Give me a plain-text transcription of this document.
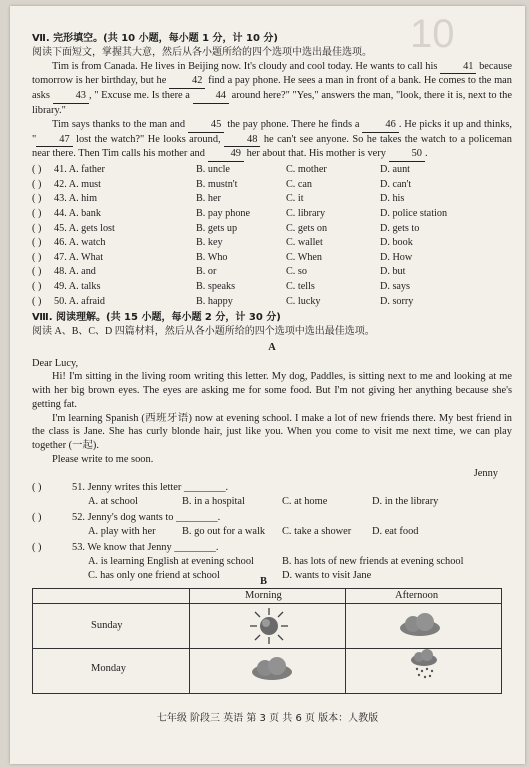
10
Ⅶ. 完形填空。(共 10 小题，每小题 1 分，计 10 分)
阅读下面短文，掌握其大意，然后从各小题所给的四个选项中选出最佳选项。

Tim is from Canada. He lives in Beijing now. It's cloudy and cool today. He wants to call his 41 because tomorrow is her birthday, but he 42 find a pay phone. He sees a man in front of a bank. He comes to the man asks 43 , " Excuse me. Is there a 44 around here?" "Yes," answers the man, "look, there it is, next to the library."

Tim says thanks to the man and 45 the pay phone. There he finds a 46 . He picks it up and thinks, " 47 lost the watch?" He looks around,	48 he can't see anyone. So he takes the watch to a policeman near there. Then Tim calls his mother and 49 her about that. His mother is very 50 .

( ) 41. A. father	B. uncle	C. mother	D. aunt
( ) 42. A. must	B. mustn't	C. can	D. can't
( ) 43. A. him	B. her	C. it	D. his
( ) 44. A. bank	B. pay phone	C. library	D. police station
( ) 45. A. gets lost	B. gets up	C. gets on	D. gets to
( ) 46. A. watch	B. key	C. wallet	D. book
( ) 47. A. What	B. Who	C. When	D. How
( ) 48. A. and	B. or	C. so	D. but
( ) 49. A. talks	B. speaks	C. tells	D. says
( ) 50. A. afraid	B. happy	C. lucky	D. sorry
Ⅷ. 阅读理解。(共 15 小题，每小题 2 分，计 30 分)
阅读 A、B、C、D 四篇材料，然后从各小题所给的四个选项中选出最佳选项。
A
Dear Lucy,

Hi! I'm sitting in the living room writing this letter. My dog, Paddles, is sitting next to me and looking at me with her big brown eyes. The eyes are asking me for some food. But I'm not giving her anything because she's getting fat.

I'm learning Spanish (西班牙语) now at evening school. I make a lot of new friends there. My best friend in the class is Jane. She has curly blonde hair, just like you. When you come to visit me next time, we can play together (一起).

Please write to me soon.

Jenny
( )	51. Jenny writes this letter ________.
A. at school	B. in a hospital	C. at home	D. in the library
( )	52. Jenny's dog wants to ________.
A. play with her	B. go out for a walk C. take a shower D. eat food
( )	53. We know that Jenny ________.
A. is learning English at evening school	B. has lots of new friends at evening school
C. has only one friend at school	D. wants to visit Jane
B
Morning	Afternoon
Sunday
Monday
七年级 阶段三 英语 第 3 页 共 6 页 版本：人教版
